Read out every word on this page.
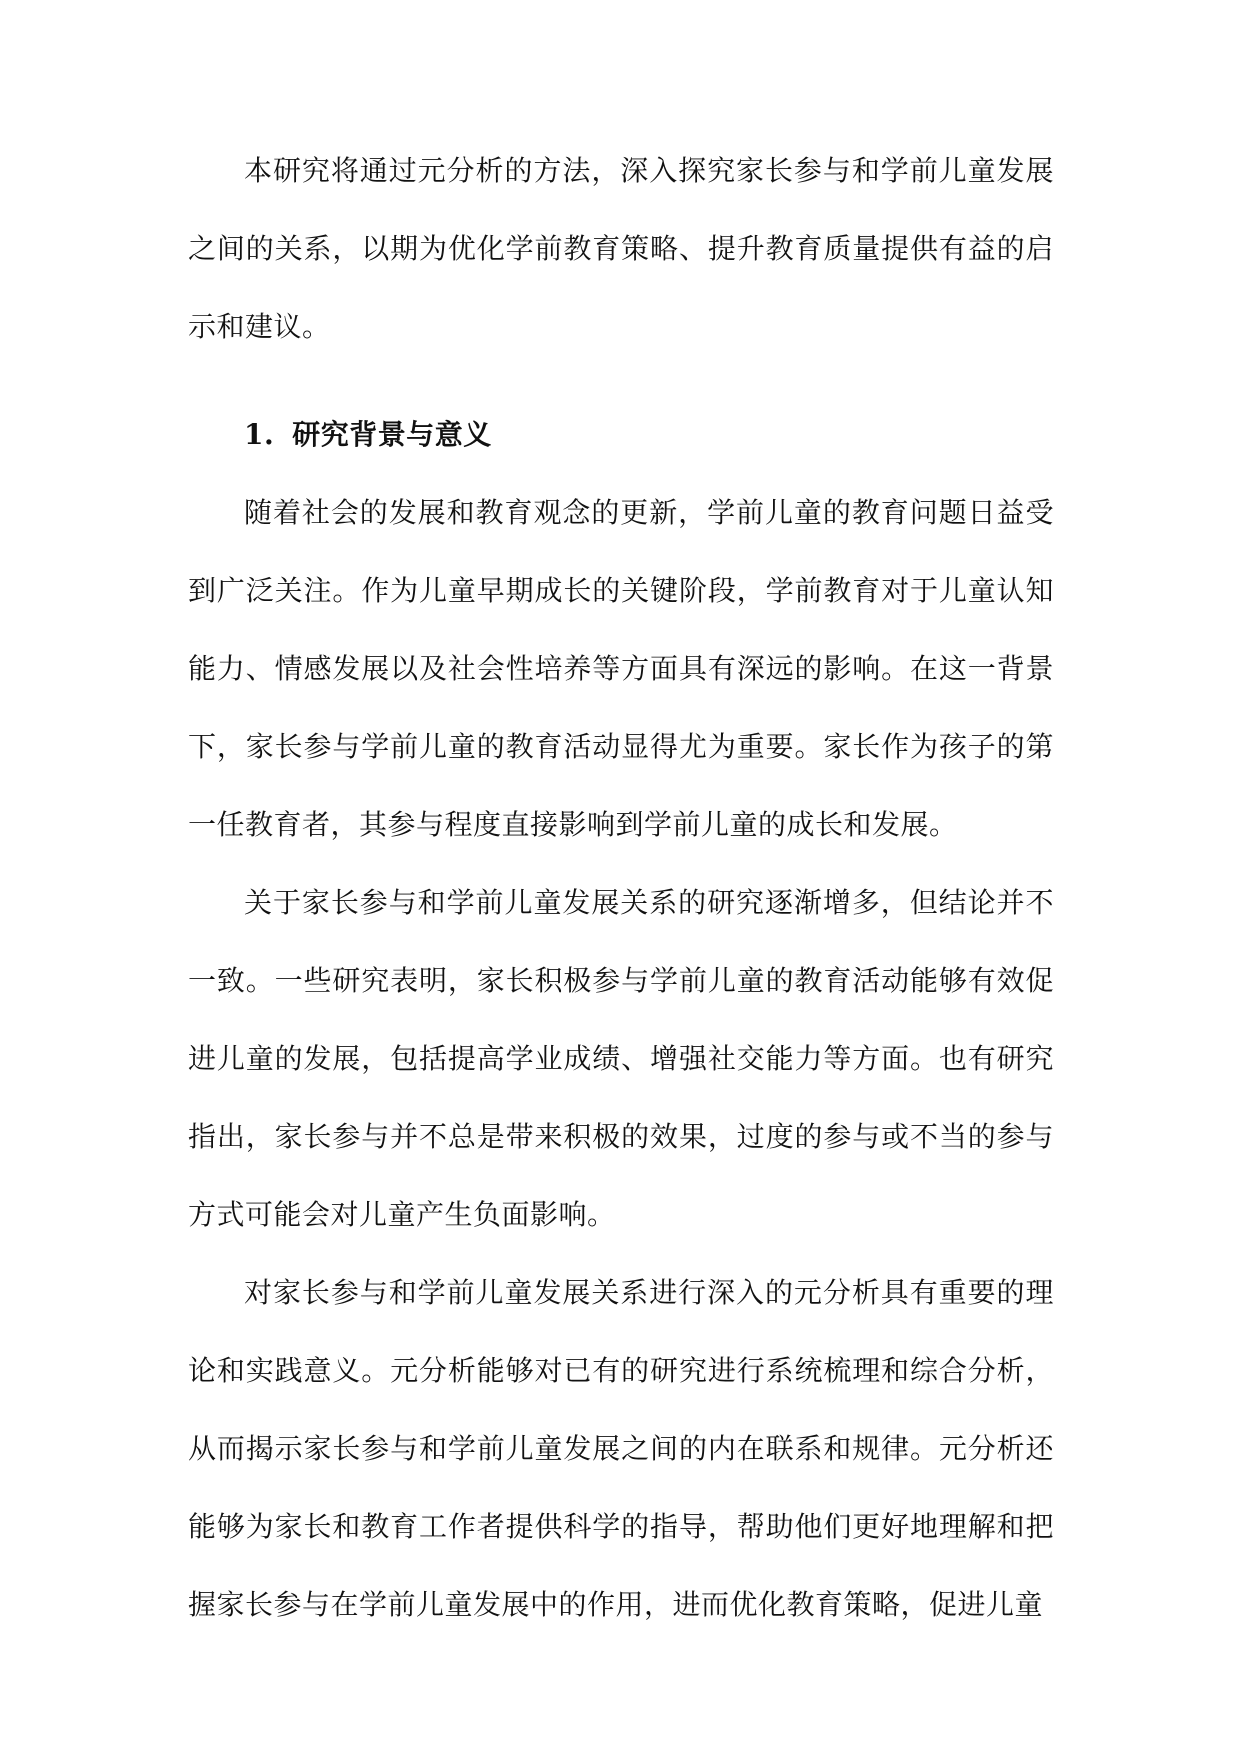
本研究将通过元分析的方法，深入探究家长参与和学前儿童发展之间的关系，以期为优化学前教育策略、提升教育质量提供有益的启示和建议。

1. 研究背景与意义

随着社会的发展和教育观念的更新，学前儿童的教育问题日益受到广泛关注。作为儿童早期成长的关键阶段，学前教育对于儿童认知能力、情感发展以及社会性培养等方面具有深远的影响。在这一背景下，家长参与学前儿童的教育活动显得尤为重要。家长作为孩子的第一任教育者，其参与程度直接影响到学前儿童的成长和发展。

关于家长参与和学前儿童发展关系的研究逐渐增多，但结论并不一致。一些研究表明，家长积极参与学前儿童的教育活动能够有效促进儿童的发展，包括提高学业成绩、增强社交能力等方面。也有研究指出，家长参与并不总是带来积极的效果，过度的参与或不当的参与方式可能会对儿童产生负面影响。

对家长参与和学前儿童发展关系进行深入的元分析具有重要的理论和实践意义。元分析能够对已有的研究进行系统梳理和综合分析，从而揭示家长参与和学前儿童发展之间的内在联系和规律。元分析还能够为家长和教育工作者提供科学的指导，帮助他们更好地理解和把握家长参与在学前儿童发展中的作用，进而优化教育策略，促进儿童
